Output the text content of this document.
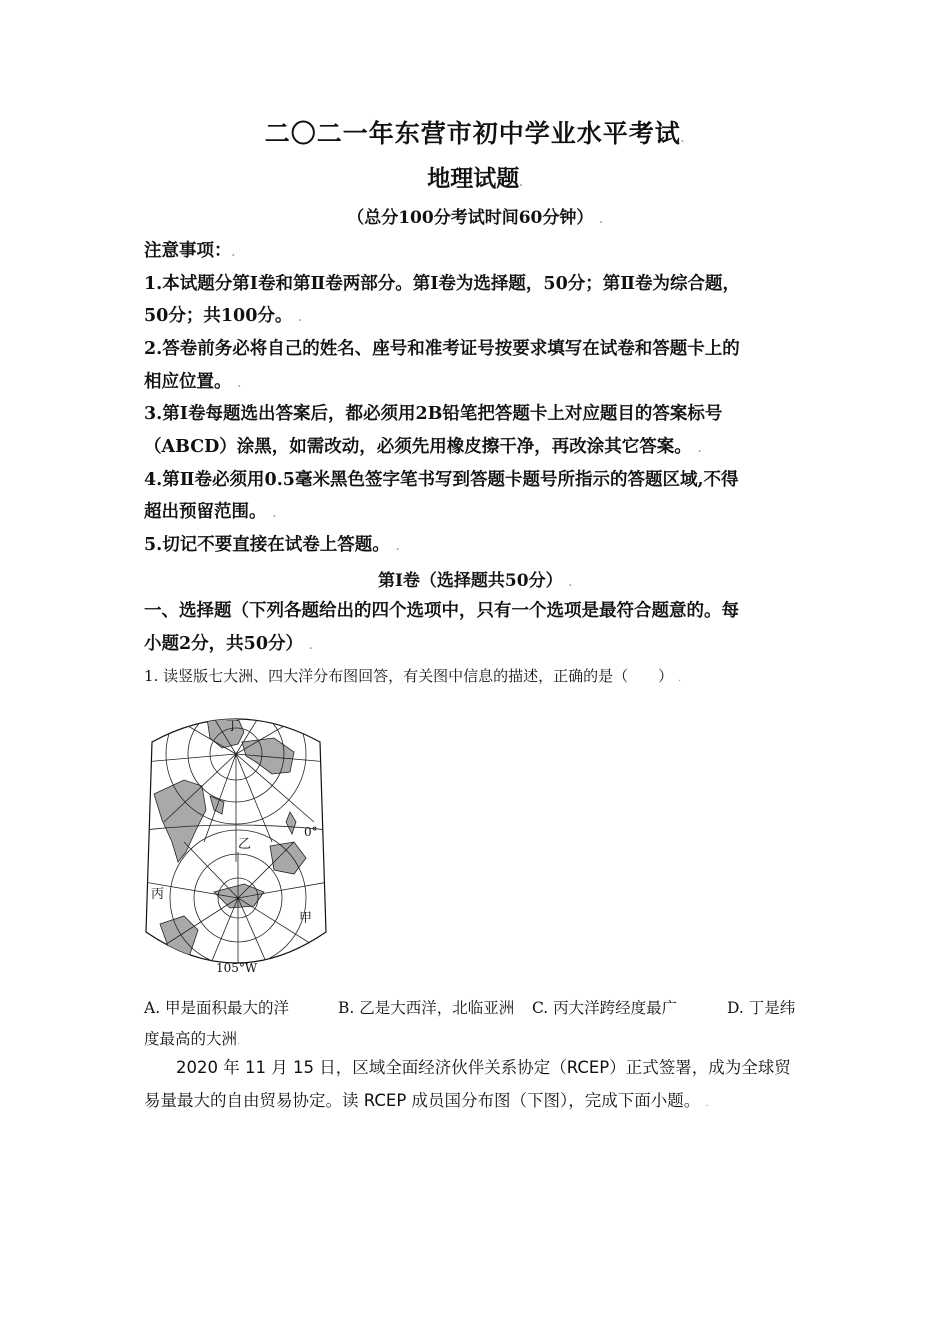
二〇二一年东营市初中学业水平考试.
地理试题.
（总分100分考试时间60分钟） .
注意事项：.
1.本试题分第Ⅰ卷和第Ⅱ卷两部分。第Ⅰ卷为选择题，50分；第Ⅱ卷为综合题，
50分；共100分。 .
2.答卷前务必将自己的姓名、座号和准考证号按要求填写在试卷和答题卡上的
相应位置。 .
3.第Ⅰ卷每题选出答案后，都必须用2B铅笔把答题卡上对应题目的答案标号
（ABCD）涂黑，如需改动，必须先用橡皮擦干净，再改涂其它答案。 .
4.第Ⅱ卷必须用0.5毫米黑色签字笔书写到答题卡题号所指示的答题区域,不得
超出预留范围。 .
5.切记不要直接在试卷上答题。 .
第Ⅰ卷（选择题共50分） .
一、选择题（下列各题给出的四个选项中，只有一个选项是最符合题意的。每
小题2分，共50分） .
1. 读竖版七大洲、四大洋分布图回答，有关图中信息的描述，正确的是（　　） .
丁
乙
丙
甲
0°
105°W
A. 甲是面积最大的洋	B. 乙是大西洋，北临亚洲 C. 丙大洋跨经度最广	D. 丁是纬
度最高的大洲.
2020 年 11 月 15 日，区域全面经济伙伴关系协定（RCEP）正式签署，成为全球贸
易量最大的自由贸易协定。读 RCEP 成员国分布图（下图），完成下面小题。 .
